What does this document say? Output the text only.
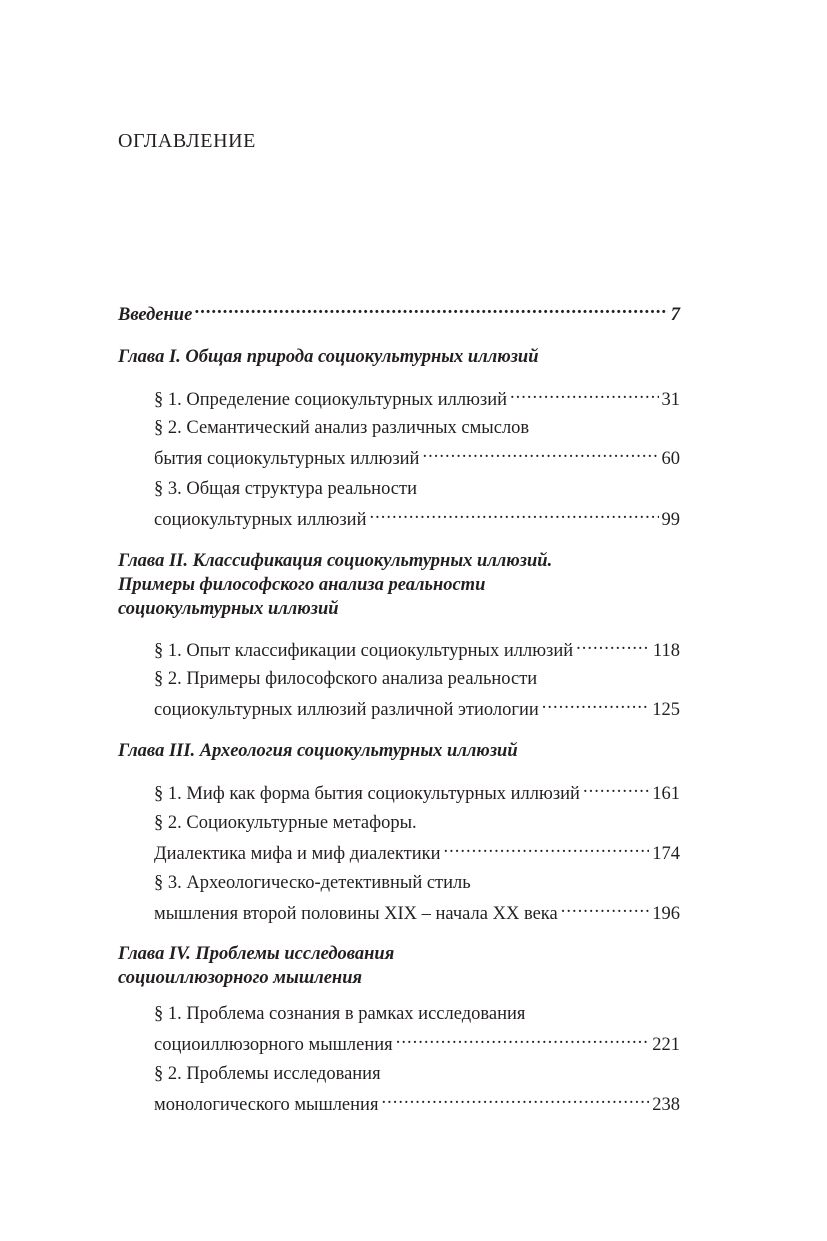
ОГЛАВЛЕНИЕ
Введение .....	7
Глава I. Общая природа социокультурных иллюзий
§ 1. Определение социокультурных иллюзий .....	31
§ 2. Семантический анализ различных смыслов
бытия социокультурных иллюзий .....	60
§ 3. Общая структура реальности
социокультурных иллюзий .....	99
Глава II. Классификация социокультурных иллюзий.
Примеры философского анализа реальности
социокультурных иллюзий
§ 1. Опыт классификации социокультурных иллюзий .....	118
§ 2. Примеры философского анализа реальности
социокультурных иллюзий различной этиологии .....	125
Глава III. Археология социокультурных иллюзий
§ 1. Миф как форма бытия социокультурных иллюзий .....	161
§ 2. Социокультурные метафоры.
Диалектика мифа и миф диалектики .....	174
§ 3. Археологическо-детективный стиль
мышления второй половины XIX – начала XX века .....	196
Глава IV. Проблемы исследования
социоиллюзорного мышления
§ 1. Проблема сознания в рамках исследования
социоиллюзорного мышления .....	221
§ 2. Проблемы исследования
монологического мышления .....	238
